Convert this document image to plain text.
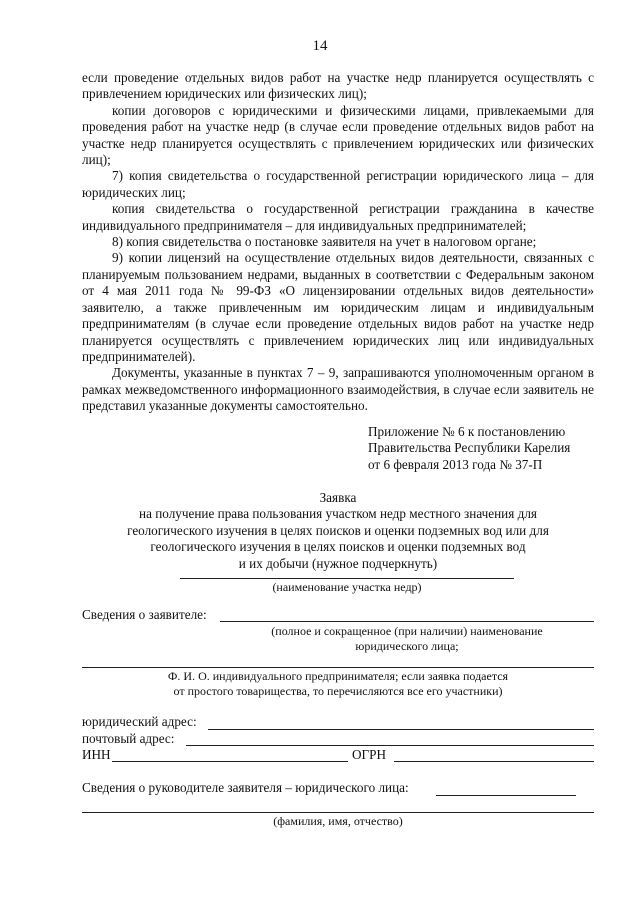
14

если проведение отдельных видов работ на участке недр планируется осуществлять с привлечением юридических или физических лиц);

копии договоров с юридическими и физическими лицами, привлекаемыми для проведения работ на участке недр (в случае если проведение отдельных видов работ на участке недр планируется осуществлять с привлечением юридических или физических лиц);

7) копия свидетельства о государственной регистрации юридического лица – для юридических лиц;

копия свидетельства о государственной регистрации гражданина в качестве индивидуального предпринимателя – для индивидуальных предпринимателей;

8) копия свидетельства о постановке заявителя на учет в налоговом органе;

9) копии лицензий на осуществление отдельных видов деятельности, связанных с планируемым пользованием недрами, выданных в соответствии с Федеральным законом от 4 мая 2011 года № 99-ФЗ «О лицензировании отдельных видов деятельности» заявителю, а также привлеченным им юридическим лицам и индивидуальным предпринимателям (в случае если проведение отдельных видов работ на участке недр планируется осуществлять с привлечением юридических лиц или индивидуальных предпринимателей).

Документы, указанные в пунктах 7 – 9, запрашиваются уполномоченным органом в рамках межведомственного информационного взаимодействия, в случае если заявитель не представил указанные документы самостоятельно.

Приложение № 6 к постановлению
Правительства Республики Карелия
от 6 февраля 2013 года № 37-П
Заявка
на получение права пользования участком недр местного значения для
геологического изучения в целях поисков и оценки подземных вод или для
геологического изучения в целях поисков и оценки подземных вод
и их добычи (нужное подчеркнуть)
(наименование участка недр)
Сведения о заявителе:
(полное и сокращенное (при наличии) наименование
юридического лица;
Ф. И. О. индивидуального предпринимателя; если заявка подается
от простого товарищества, то перечисляются все его участники)
юридический адрес:
почтовый адрес:
ИНН	ОГРН
Сведения о руководителе заявителя – юридического лица:
(фамилия, имя, отчество)
